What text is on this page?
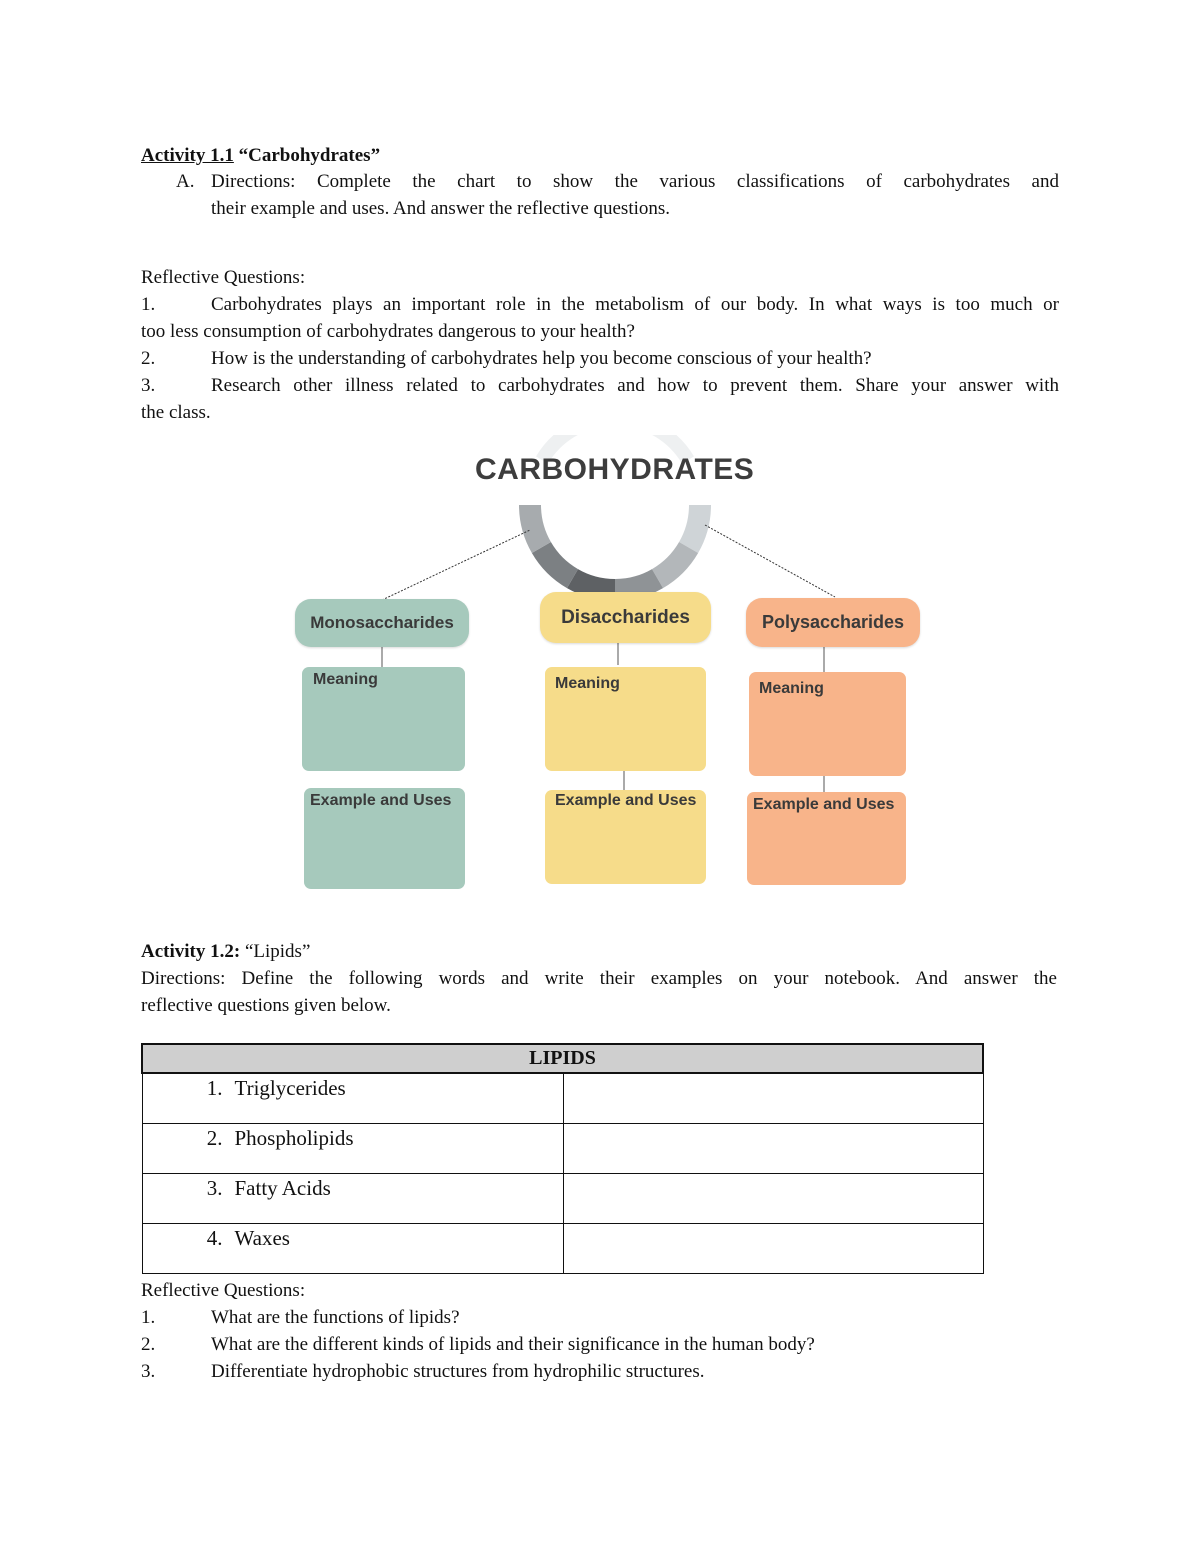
Activity 1.1 “Carbohydrates”
A. Directions: Complete the chart to show the various classifications of carbohydrates and
their example and uses. And answer the reflective questions.
Reflective Questions:
1.	Carbohydrates plays an important role in the metabolism of our body. In what ways is too much or
too less consumption of carbohydrates dangerous to your health?
2.	How is the understanding of carbohydrates help you become conscious of your health?
3.	Research other illness related to carbohydrates and how to prevent them. Share your answer with
the class.
CARBOHYDRATES
Monosaccharides
Meaning
Example and Uses
Disaccharides
Meaning
Example and Uses
Polysaccharides
Meaning
Example and Uses
Activity 1.2: “Lipids”
Directions: Define the following words and write their examples on your notebook. And answer the
reflective questions given below.
LIPIDS	
1. Triglycerides	
2. Phospholipids	
3. Fatty Acids	
4. Waxes	
Reflective Questions:
1.	What are the functions of lipids?
2.	What are the different kinds of lipids and their significance in the human body?
3.	Differentiate hydrophobic structures from hydrophilic structures.
